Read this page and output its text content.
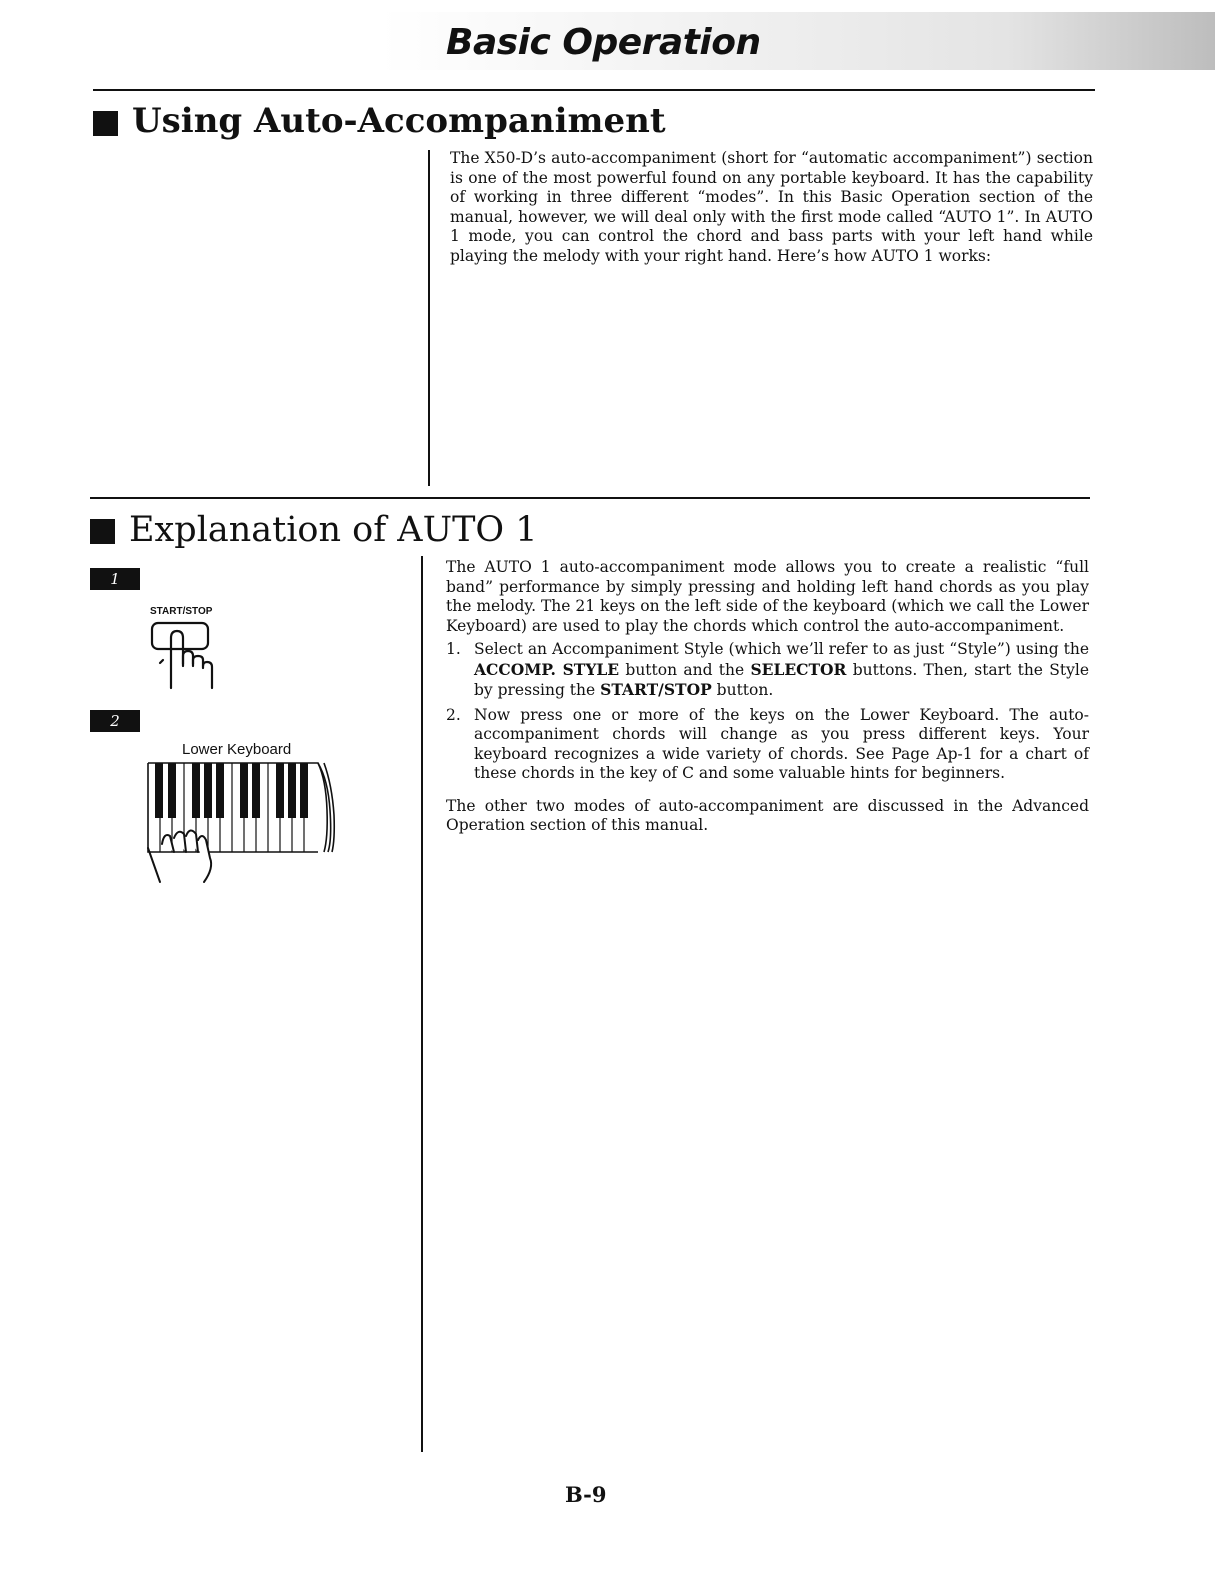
Basic Operation
Using Auto-Accompaniment

The X50-D’s auto-accompaniment (short for “automatic accompaniment”) section is one of the most powerful found on any portable keyboard. It has the capability of working in three different “modes”. In this Basic Operation section of the manual, however, we will deal only with the first mode called “AUTO 1”. In AUTO 1 mode, you can control the chord and bass parts with your left hand while playing the melody with your right hand. Here’s how AUTO 1 works:

Explanation of AUTO 1

The AUTO 1 auto-accompaniment mode allows you to create a realistic “full band” performance by simply pressing and holding left hand chords as you play the melody. The 21 keys on the left side of the keyboard (which we call the Lower Keyboard) are used to play the chords which control the auto-accompaniment.

1. Select an Accompaniment Style (which we’ll refer to as just “Style”) using the ACCOMP. STYLE button and the SELECTOR buttons. Then, start the Style by pressing the START/STOP button.
2. Now press one or more of the keys on the Lower Keyboard. The auto-accompaniment chords will change as you press different keys. Your keyboard recognizes a wide variety of chords. See Page Ap-1 for a chart of these chords in the key of C and some valuable hints for beginners.

The other two modes of auto-accompaniment are discussed in the Advanced Operation section of this manual.

1
START/STOP
2
Lower Keyboard
B-9
